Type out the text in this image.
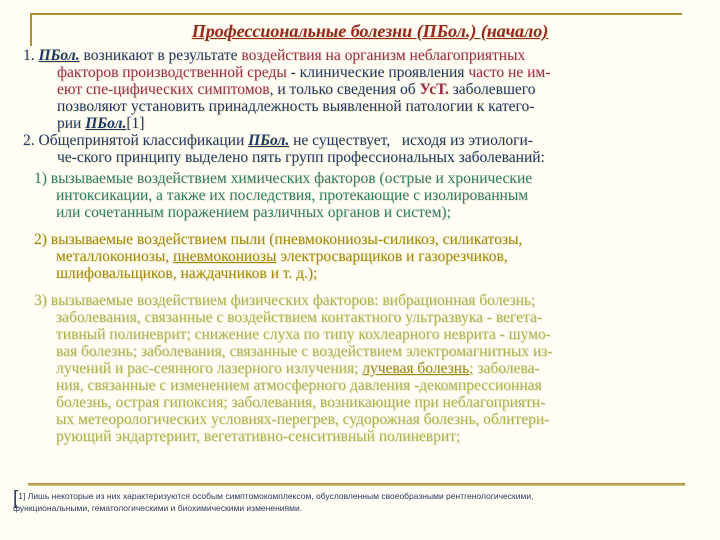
Профессиональные болезни (ПБол.) (начало)
1. ПБол. возникают в результате воздействия на организм неблагоприятных
факторов производственной среды - клинические проявления часто не им-
еют спе-цифических симптомов, и только сведения об УсТ. заболевшего
позволяют установить принадлежность выявленной патологии к катего-
рии ПБол.[1]
2. Общепринятой классификации ПБол. не существует,   исходя из этиологи-
че-ского принципу выделено пять групп профессиональных заболеваний:
1) вызываемые воздействием химических факторов (острые и хронические
интоксикации, а также их последствия, протекающие с изолированным
или сочетанным поражением различных органов и систем);
2) вызываемые воздействием пыли (пневмокониозы-силикоз, силикатозы,
металлокониозы, пневмокониозы электросварщиков и газорезчиков,
шлифовальщиков, наждачников и т. д.);
3) вызываемые воздействием физических факторов: вибрационная болезнь;
заболевания, связанные с воздействием контактного ультразвука - вегета-
тивный полиневрит; снижение слуха по типу кохлеарного неврита - шумо-
вая болезнь; заболевания, связанные с воздействием электромагнитных из-
лучений и рас-сеянного лазерного излучения; лучевая болезнь; заболева-
ния, связанные с изменением атмосферного давления -декомпрессионная
болезнь, острая гипоксия; заболевания, возникающие при неблагоприятн-
ых метеорологических условиях-перегрев, судорожная болезнь, облитери-
рующий эндартериит, вегетативно-сенситивный полиневрит;
[1] Лишь некоторые из них характеризуются особым симптомокомплексом, обусловленным своеобразными рентгенологическими,
функциональными, гематологическими и биохимическими изменениями.
